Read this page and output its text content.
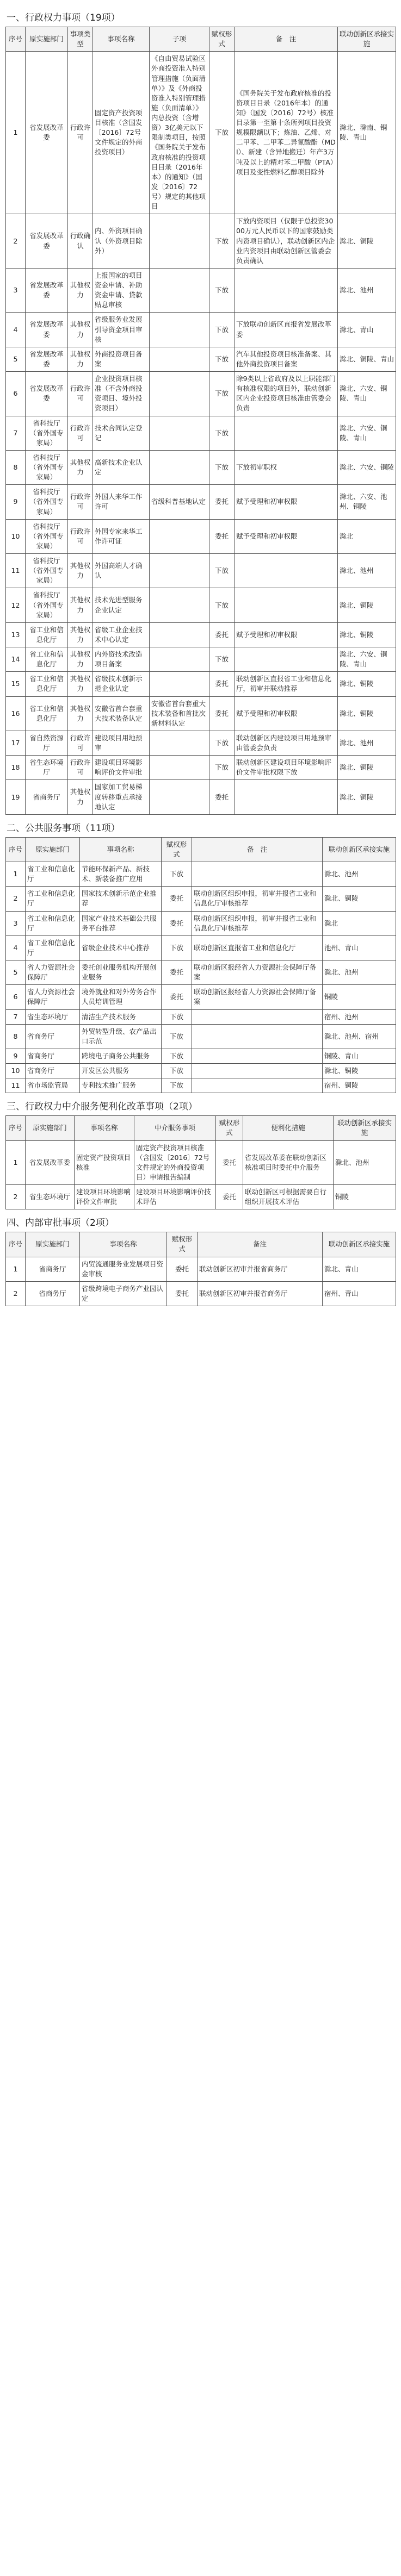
一、行政权力事项（19项）
序号	原实施部门	事项类型	事项名称	子项	赋权形式	备　注	联动创新区承接实施
1	省发展改革委	行政许可	固定资产投资项目核准（含国发〔2016〕72号文件规定的外商投资项目）	《自由贸易试验区外商投资准入特别管理措施（负面清单）》及《外商投资准入特别管理措施（负面清单）》内总投资（含增资）3亿美元以下限制类项目，按照《国务院关于发布政府核准的投资项目目录（2016年本）的通知》（国发〔2016〕72号）规定的其他项目	下放	《国务院关于发布政府核准的投资项目目录（2016年本）的通知》（国发〔2016〕72号）核准目录第一至第十条所列项目投资规模限额以下；炼油、乙烯、对二甲苯、二甲苯二异氰酸酯（MDI）、新建（含异地搬迁）年产3万吨及以上的精对苯二甲酸（PTA）项目及变性燃料乙醇项目除外	滁北、滁南、铜陵、青山
2	省发展改革委	行政确认	内、外资项目确认（外资项目除外）		下放	下放内资项目（仅限于总投资3000万元人民币以下的国家鼓励类内资项目确认），联动创新区内企业内资项目由联动创新区管委会负责确认	滁北、铜陵
3	省发展改革委	其他权力	上报国家的项目资金申请、补助资金申请、贷款贴息审核		下放		滁北、池州
4	省发展改革委	其他权力	省级服务业发展引导资金项目审核		下放	下放联动创新区直报省发展改革委	滁北、青山
5	省发展改革委	其他权力	外商投资项目备案		下放	汽车其他投资项目核准备案、其他外商投资项目备案	滁北、铜陵、青山
6	省发展改革委	行政许可	企业投资项目核准（不含外商投资项目、境外投资项目）		下放	除9类以上省政府及以上职能部门有核准权限的项目外，联动创新区内企业投资项目核准由管委会负责	滁北、六安、铜陵、青山
7	省科技厅（省外国专家局）	行政许可	技术合同认定登记		下放		滁北、六安、铜陵、青山
8	省科技厅（省外国专家局）	其他权力	高新技术企业认定		下放	下放初审职权	滁北、六安、铜陵
9	省科技厅（省外国专家局）	行政许可	外国人来华工作许可	省级科普基地认定	委托	赋予受理和初审权限	滁北、六安、池州、铜陵
10	省科技厅（省外国专家局）	行政许可	外国专家来华工作许可证		委托	赋予受理和初审权限	滁北
11	省科技厅（省外国专家局）	其他权力	外国高端人才确认		下放		滁北、池州
12	省科技厅（省外国专家局）	其他权力	技术先进型服务企业认定		下放		滁北、铜陵
13	省工业和信息化厅	其他权力	省级工业企业技术中心认定		委托	赋予受理和初审权限	滁北、铜陵
14	省工业和信息化厅	其他权力	内外资技术改造项目备案		下放		滁北、六安、铜陵、青山
15	省工业和信息化厅	其他权力	省级技术创新示范企业认定		委托	联动创新区直报省工业和信息化厅，初审并联动推荐	滁北、铜陵
16	省工业和信息化厅	其他权力	安徽省首台套重大技术装备认定	安徽省首台套重大技术装备和首批次新材料认定	委托	赋予受理和初审权限	滁北、铜陵
17	省自然资源厅	行政许可	建设项目用地预审		下放	联动创新区内建设项目用地预审由管委会负责	滁北、池州
18	省生态环境厅	行政许可	建设项目环境影响评价文件审批		下放	联动创新区建设项目环境影响评价文件审批权限下放	滁北、铜陵
19	省商务厅	其他权力	国家加工贸易梯度转移重点承接地认定		委托		滁北、铜陵
二、公共服务事项（11项）
序号	原实施部门	事项名称	赋权形式	备　注	联动创新区承接实施
1	省工业和信息化厅	节能环保新产品、新技术、新装备推广应用	下放		滁北、池州
2	省工业和信息化厅	国家技术创新示范企业推荐	委托	联动创新区组织申报，初审并报省工业和信息化厅审核推荐	滁北、铜陵
3	省工业和信息化厅	国家产业技术基础公共服务平台推荐	委托	联动创新区组织申报，初审并报省工业和信息化厅审核推荐	滁北
4	省工业和信息化厅	省级企业技术中心推荐	下放	联动创新区直报省工业和信息化厅	池州、青山
5	省人力资源社会保障厅	委托创业服务机构开展创业服务	委托	联动创新区报经省人力资源社会保障厅备案	滁北、池州
6	省人力资源社会保障厅	境外就业和对外劳务合作人员培训管理	委托	联动创新区报经省人力资源社会保障厅备案	铜陵
7	省生态环境厅	清洁生产技术服务	下放		宿州、池州
8	省商务厅	外贸转型升级、农产品出口示范	下放		滁北、池州、宿州
9	省商务厅	跨境电子商务公共服务	下放		铜陵、青山
10	省商务厅	开发区公共服务	下放		滁北、铜陵
11	省市场监管局	专利技术推广服务	下放		宿州、铜陵
三、行政权力中介服务便利化改革事项（2项）
序号	原实施部门	事项名称	中介服务事项	赋权形式	便利化措施	联动创新区承接实施
1	省发展改革委	固定资产投资项目核准	固定资产投资项目核准（含国发〔2016〕72号文件规定的外商投资项目）申请报告编制	委托	省发展改革委在联动创新区核准项目时委托中介服务	滁北、池州
2	省生态环境厅	建设项目环境影响评价文件审批	建设项目环境影响评价技术评估	委托	联动创新区可根据需要自行组织开展技术评估	铜陵
四、内部审批事项（2项）
序号	原实施部门	事项名称	赋权形式	备注	联动创新区承接实施
1	省商务厅	内贸流通服务业发展项目资金审核	委托	联动创新区初审并报省商务厅	滁北、青山
2	省商务厅	省级跨境电子商务产业园认定	委托	联动创新区初审并报省商务厅	宿州、青山
